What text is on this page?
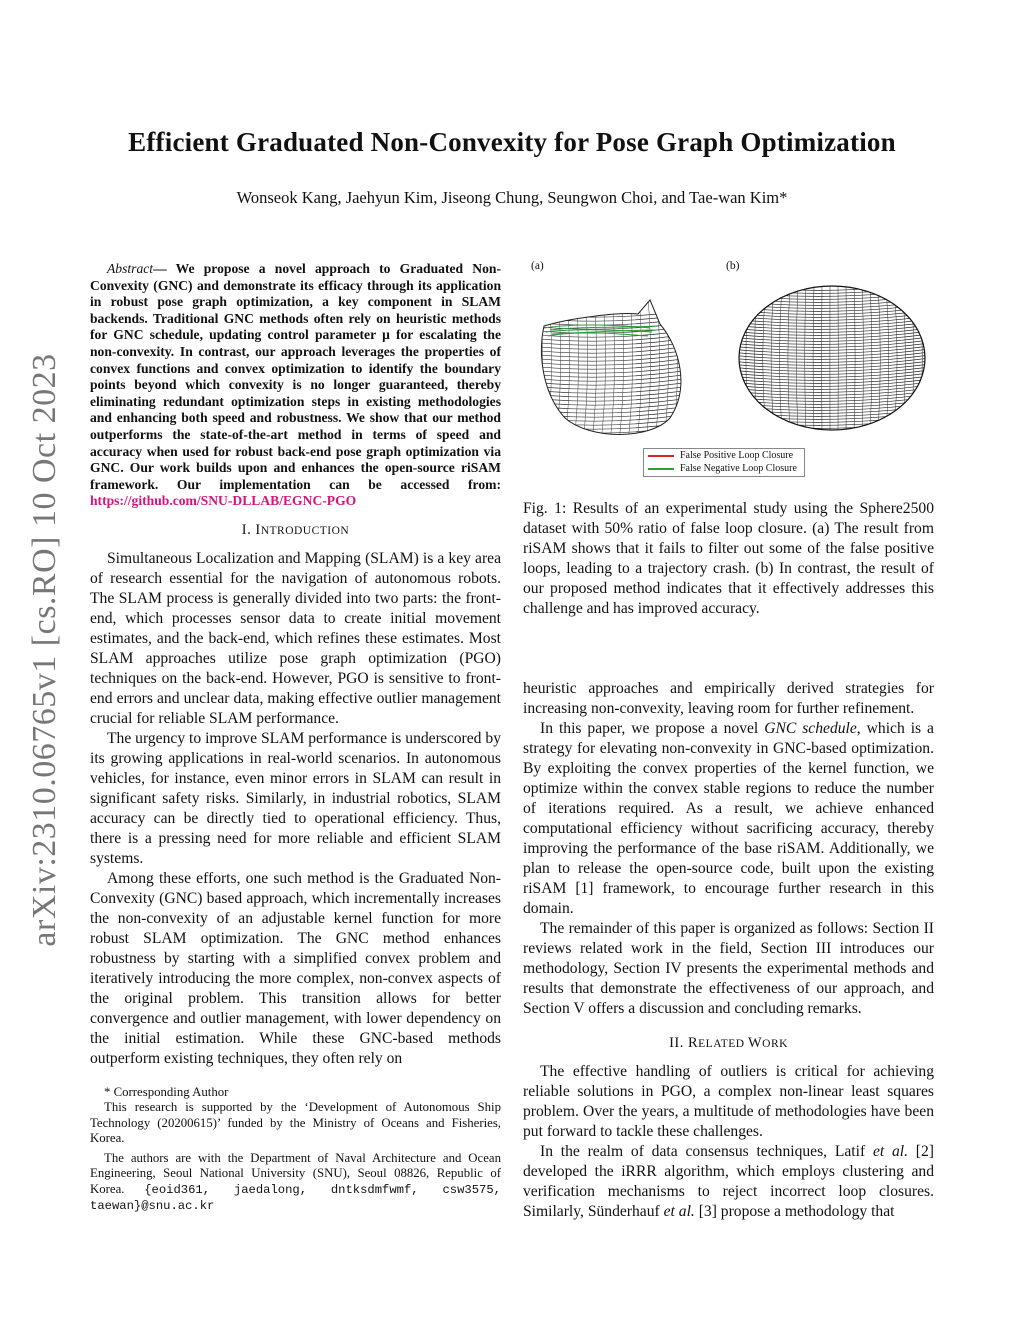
Efficient Graduated Non-Convexity for Pose Graph Optimization
Wonseok Kang, Jaehyun Kim, Jiseong Chung, Seungwon Choi, and Tae-wan Kim*
arXiv:2310.06765v1 [cs.RO] 10 Oct 2023

Abstract— We propose a novel approach to Graduated Non-Convexity (GNC) and demonstrate its efficacy through its application in robust pose graph optimization, a key component in SLAM backends. Traditional GNC methods often rely on heuristic methods for GNC schedule, updating control parameter μ for escalating the non-convexity. In contrast, our approach leverages the properties of convex functions and convex optimization to identify the boundary points beyond which convexity is no longer guaranteed, thereby eliminating redundant optimization steps in existing methodologies and enhancing both speed and robustness. We show that our method outperforms the state-of-the-art method in terms of speed and accuracy when used for robust back-end pose graph optimization via GNC. Our work builds upon and enhances the open-source riSAM framework. Our implementation can be accessed from: https://github.com/SNU-DLLAB/EGNC-PGO

I. INTRODUCTION

Simultaneous Localization and Mapping (SLAM) is a key area of research essential for the navigation of autonomous robots. The SLAM process is generally divided into two parts: the front-end, which processes sensor data to create initial movement estimates, and the back-end, which refines these estimates. Most SLAM approaches utilize pose graph optimization (PGO) techniques on the back-end. However, PGO is sensitive to front-end errors and unclear data, making effective outlier management crucial for reliable SLAM performance.

The urgency to improve SLAM performance is underscored by its growing applications in real-world scenarios. In autonomous vehicles, for instance, even minor errors in SLAM can result in significant safety risks. Similarly, in industrial robotics, SLAM accuracy can be directly tied to operational efficiency. Thus, there is a pressing need for more reliable and efficient SLAM systems.

Among these efforts, one such method is the Graduated Non-Convexity (GNC) based approach, which incrementally increases the non-convexity of an adjustable kernel function for more robust SLAM optimization. The GNC method enhances robustness by starting with a simplified convex problem and iteratively introducing the more complex, non-convex aspects of the original problem. This transition allows for better convergence and outlier management, with lower dependency on the initial estimation. While these GNC-based methods outperform existing techniques, they often rely on

* Corresponding Author

This research is supported by the ‘Development of Autonomous Ship Technology (20200615)’ funded by the Ministry of Oceans and Fisheries, Korea.

The authors are with the Department of Naval Architecture and Ocean Engineering, Seoul National University (SNU), Seoul 08826, Republic of Korea. {eoid361, jaedalong, dntksdmfwmf, csw3575, taewan}@snu.ac.kr

(a)	(b)
False Positive Loop Closure
False Negative Loop Closure

Fig. 1: Results of an experimental study using the Sphere2500 dataset with 50% ratio of false loop closure. (a) The result from riSAM shows that it fails to filter out some of the false positive loops, leading to a trajectory crash. (b) In contrast, the result of our proposed method indicates that it effectively addresses this challenge and has improved accuracy.

heuristic approaches and empirically derived strategies for increasing non-convexity, leaving room for further refinement.

In this paper, we propose a novel GNC schedule, which is a strategy for elevating non-convexity in GNC-based optimization. By exploiting the convex properties of the kernel function, we optimize within the convex stable regions to reduce the number of iterations required. As a result, we achieve enhanced computational efficiency without sacrificing accuracy, thereby improving the performance of the base riSAM. Additionally, we plan to release the open-source code, built upon the existing riSAM [1] framework, to encourage further research in this domain.

The remainder of this paper is organized as follows: Section II reviews related work in the field, Section III introduces our methodology, Section IV presents the experimental methods and results that demonstrate the effectiveness of our approach, and Section V offers a discussion and concluding remarks.

II. RELATED WORK

The effective handling of outliers is critical for achieving reliable solutions in PGO, a complex non-linear least squares problem. Over the years, a multitude of methodologies have been put forward to tackle these challenges.

In the realm of data consensus techniques, Latif et al. [2] developed the iRRR algorithm, which employs clustering and verification mechanisms to reject incorrect loop closures. Similarly, Sünderhauf et al. [3] propose a methodology that
